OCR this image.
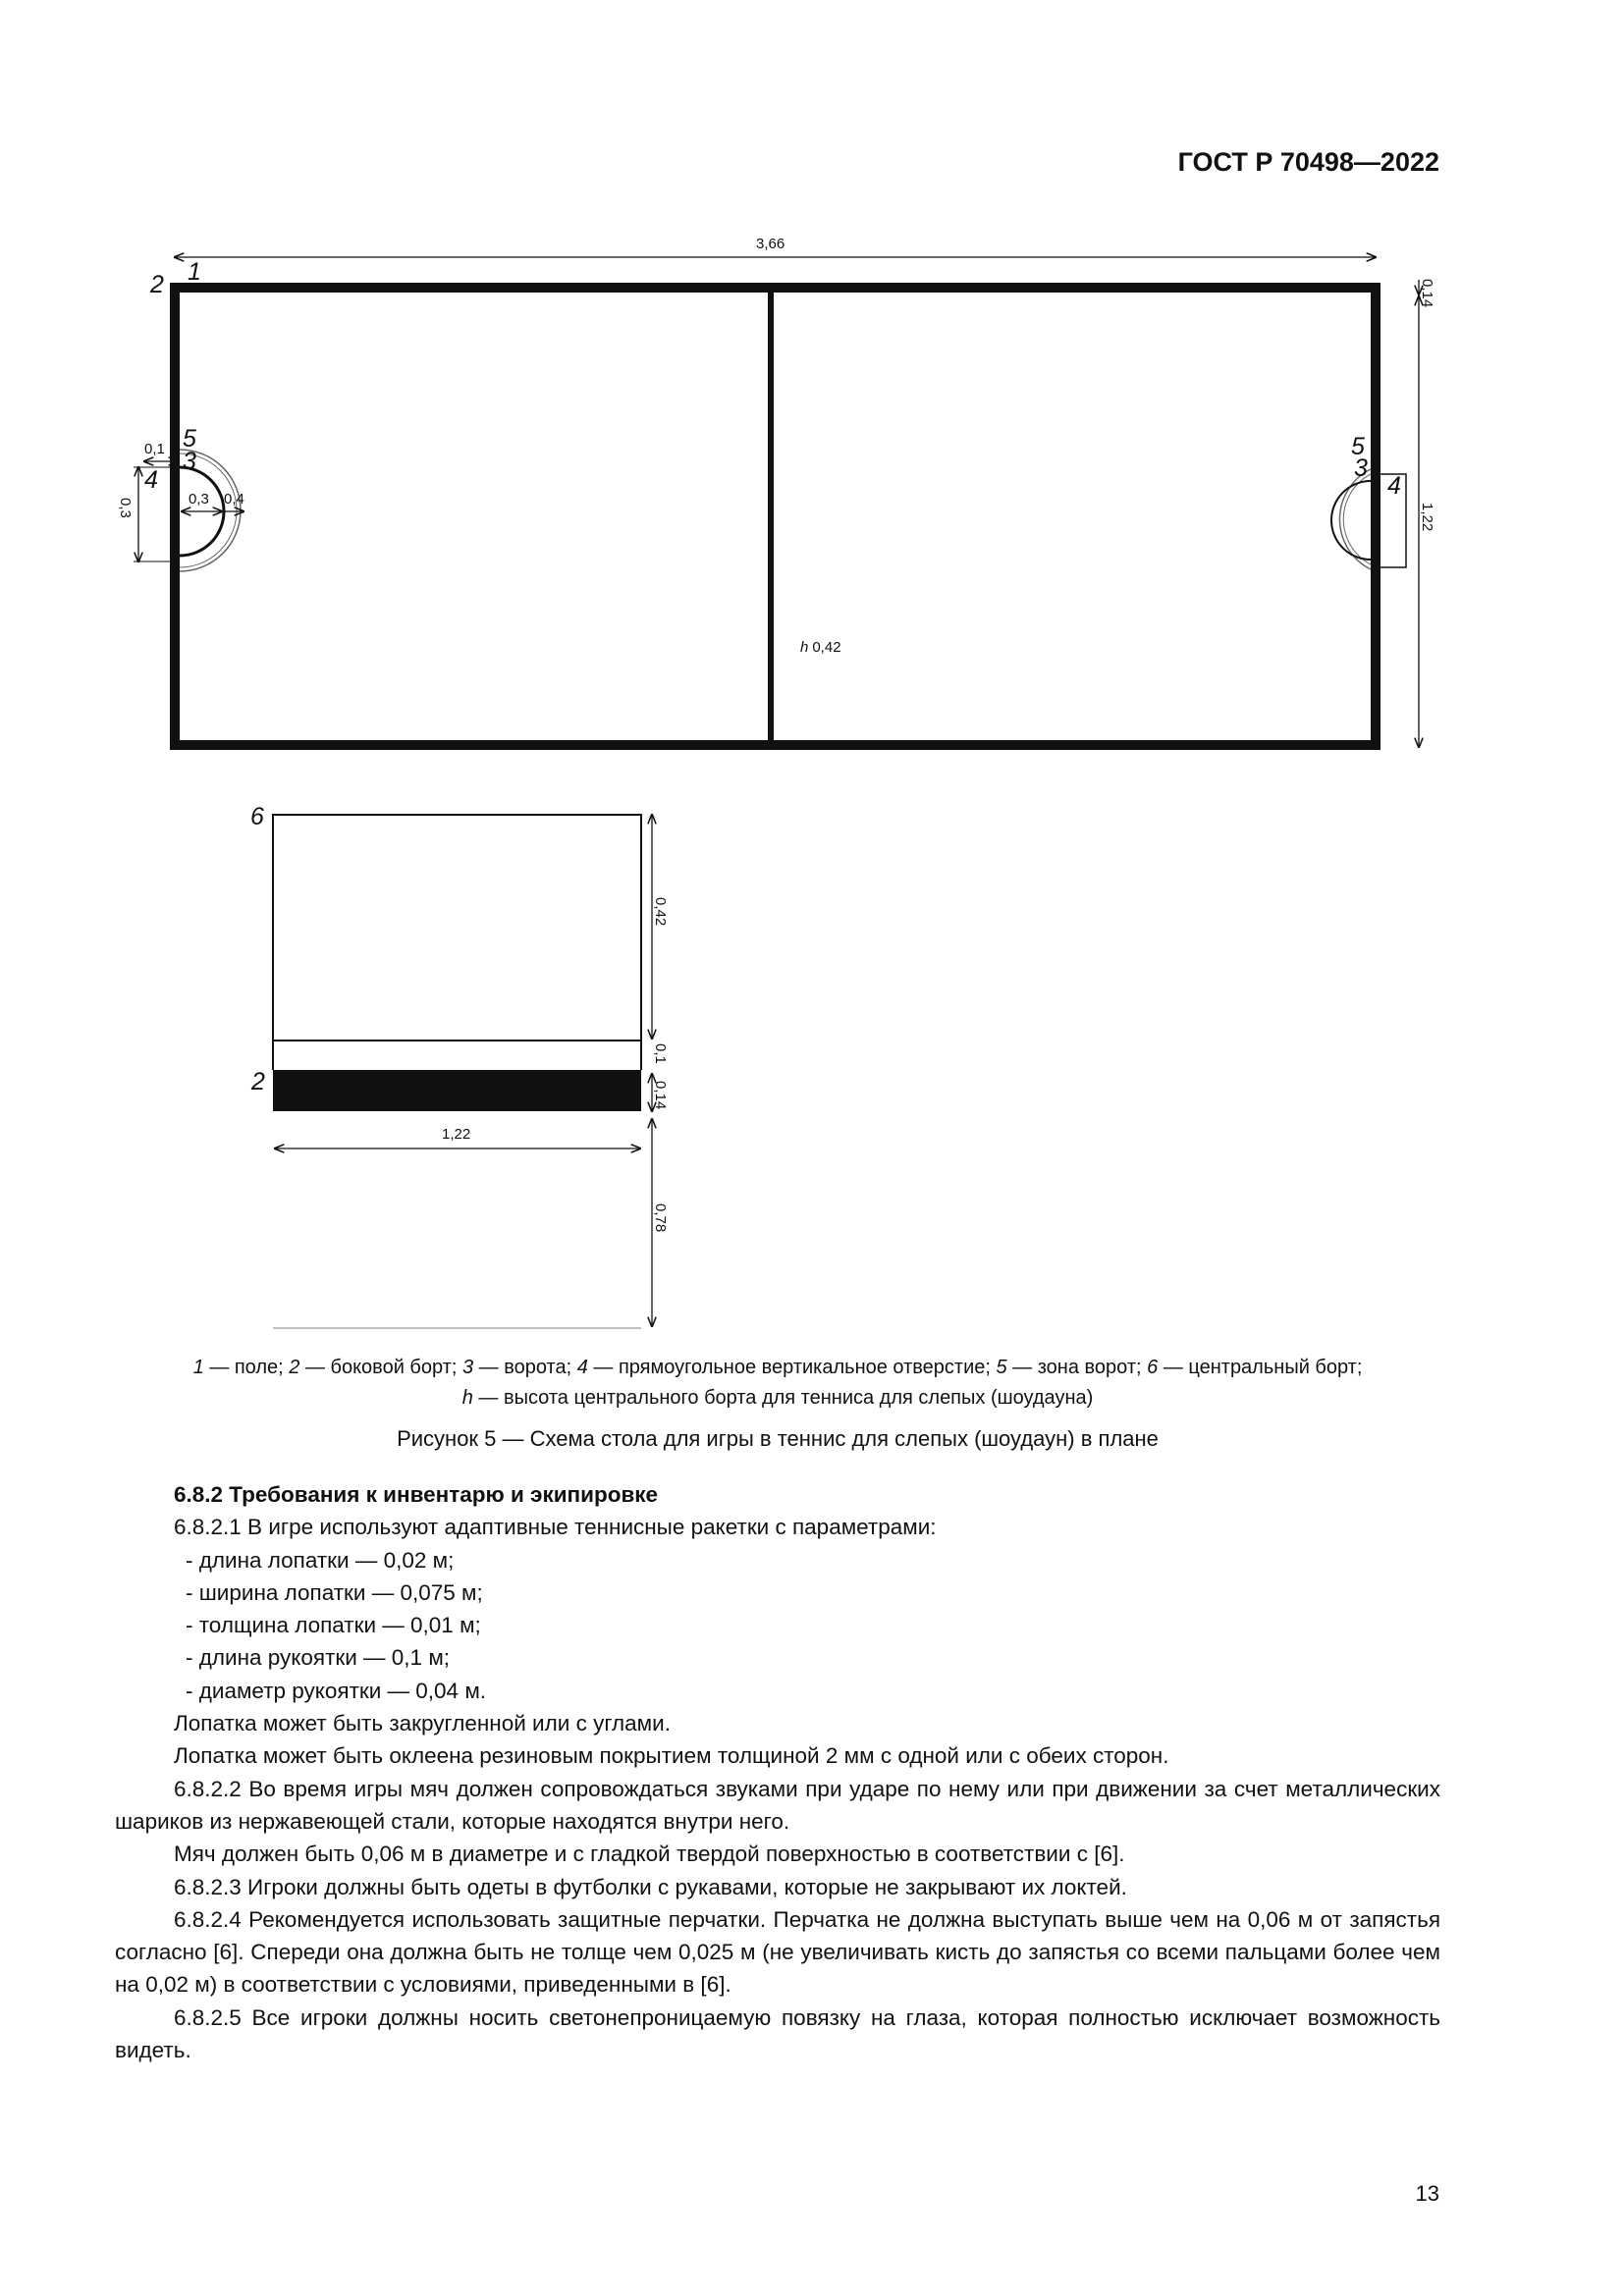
ГОСТ Р 70498—2022
1
2
5
3
4
5
3
4
3,66
0,1
0,3 0,4
0,3
0,14
1,22
h 0,42
6
2
0,42
0,1
0,14
1,22
0,78
1 — поле; 2 — боковой борт; 3 — ворота; 4 — прямоугольное вертикальное отверстие; 5 — зона ворот; 6 — центральный борт;
h — высота центрального борта для тенниса для слепых (шоудауна)
Рисунок 5 — Схема стола для игры в теннис для слепых (шоудаун) в плане

6.8.2 Требования к инвентарю и экипировке

6.8.2.1 В игре используют адаптивные теннисные ракетки с параметрами:

- длина лопатки — 0,02 м;

- ширина лопатки — 0,075 м;

- толщина лопатки — 0,01 м;

- длина рукоятки — 0,1 м;

- диаметр рукоятки — 0,04 м.

Лопатка может быть закругленной или с углами.

Лопатка может быть оклеена резиновым покрытием толщиной 2 мм с одной или с обеих сторон.

6.8.2.2 Во время игры мяч должен сопровождаться звуками при ударе по нему или при движении за счет металлических шариков из нержавеющей стали, которые находятся внутри него.

Мяч должен быть 0,06 м в диаметре и с гладкой твердой поверхностью в соответствии с [6].

6.8.2.3 Игроки должны быть одеты в футболки с рукавами, которые не закрывают их локтей.

6.8.2.4 Рекомендуется использовать защитные перчатки. Перчатка не должна выступать выше чем на 0,06 м от запястья согласно [6]. Спереди она должна быть не толще чем 0,025 м (не увеличивать кисть до запястья со всеми пальцами более чем на 0,02 м) в соответствии с условиями, приведенными в [6].

6.8.2.5 Все игроки должны носить светонепроницаемую повязку на глаза, которая полностью исключает возможность видеть.

13
